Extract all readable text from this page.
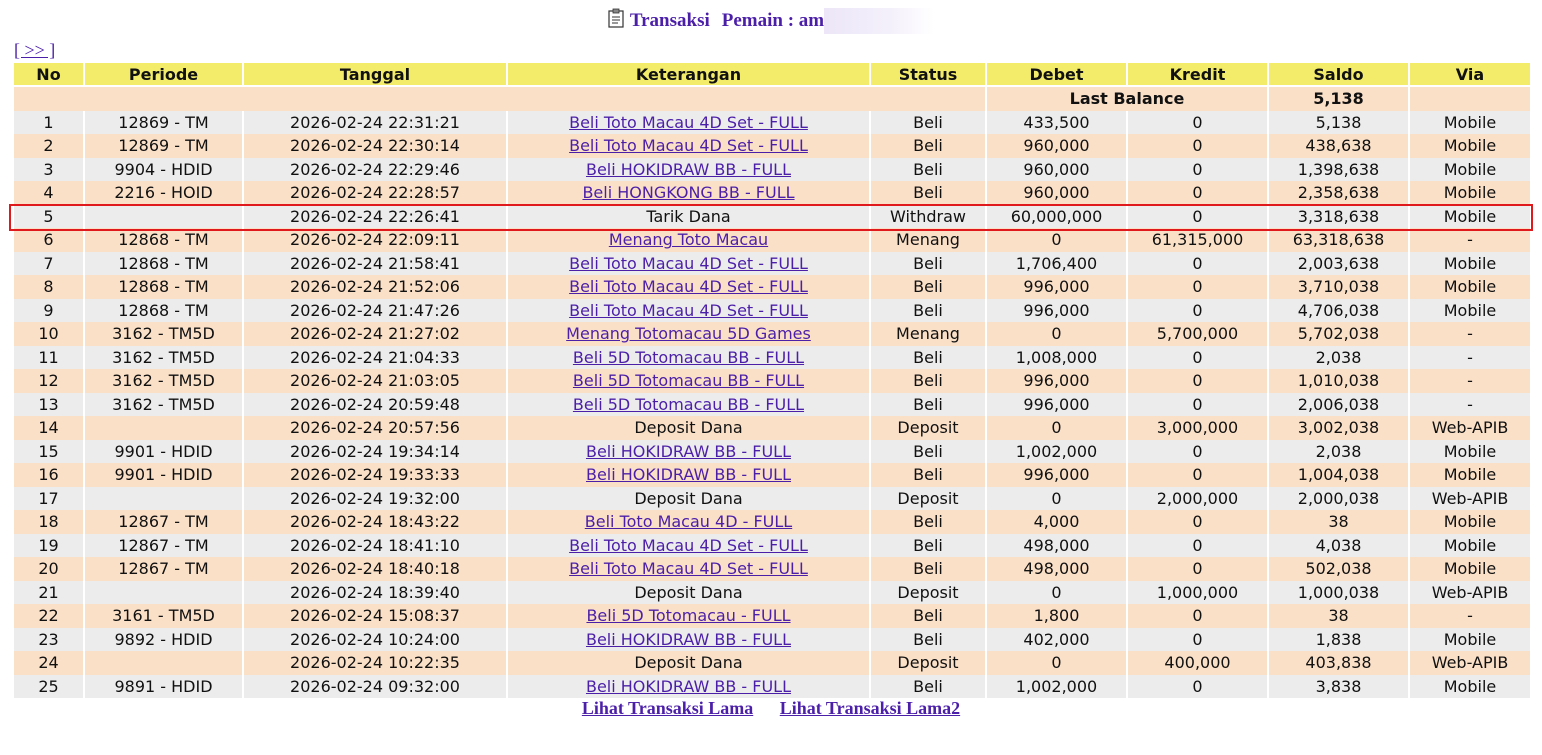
Transaksi Pemain : am
[ >> ]
No	Periode	Tanggal	Keterangan	Status	Debet	Kredit	Saldo	Via
					Last Balance		5,138	
1	12869 - TM	2026-02-24 22:31:21	Beli Toto Macau 4D Set - FULL	Beli	433,500	0	5,138	Mobile
2	12869 - TM	2026-02-24 22:30:14	Beli Toto Macau 4D Set - FULL	Beli	960,000	0	438,638	Mobile
3	9904 - HDID	2026-02-24 22:29:46	Beli HOKIDRAW BB - FULL	Beli	960,000	0	1,398,638	Mobile
4	2216 - HOID	2026-02-24 22:28:57	Beli HONGKONG BB - FULL	Beli	960,000	0	2,358,638	Mobile
5		2026-02-24 22:26:41	Tarik Dana	Withdraw	60,000,000	0	3,318,638	Mobile
6	12868 - TM	2026-02-24 22:09:11	Menang Toto Macau	Menang	0	61,315,000	63,318,638	-
7	12868 - TM	2026-02-24 21:58:41	Beli Toto Macau 4D Set - FULL	Beli	1,706,400	0	2,003,638	Mobile
8	12868 - TM	2026-02-24 21:52:06	Beli Toto Macau 4D Set - FULL	Beli	996,000	0	3,710,038	Mobile
9	12868 - TM	2026-02-24 21:47:26	Beli Toto Macau 4D Set - FULL	Beli	996,000	0	4,706,038	Mobile
10	3162 - TM5D	2026-02-24 21:27:02	Menang Totomacau 5D Games	Menang	0	5,700,000	5,702,038	-
11	3162 - TM5D	2026-02-24 21:04:33	Beli 5D Totomacau BB - FULL	Beli	1,008,000	0	2,038	-
12	3162 - TM5D	2026-02-24 21:03:05	Beli 5D Totomacau BB - FULL	Beli	996,000	0	1,010,038	-
13	3162 - TM5D	2026-02-24 20:59:48	Beli 5D Totomacau BB - FULL	Beli	996,000	0	2,006,038	-
14		2026-02-24 20:57:56	Deposit Dana	Deposit	0	3,000,000	3,002,038	Web-APIB
15	9901 - HDID	2026-02-24 19:34:14	Beli HOKIDRAW BB - FULL	Beli	1,002,000	0	2,038	Mobile
16	9901 - HDID	2026-02-24 19:33:33	Beli HOKIDRAW BB - FULL	Beli	996,000	0	1,004,038	Mobile
17		2026-02-24 19:32:00	Deposit Dana	Deposit	0	2,000,000	2,000,038	Web-APIB
18	12867 - TM	2026-02-24 18:43:22	Beli Toto Macau 4D - FULL	Beli	4,000	0	38	Mobile
19	12867 - TM	2026-02-24 18:41:10	Beli Toto Macau 4D Set - FULL	Beli	498,000	0	4,038	Mobile
20	12867 - TM	2026-02-24 18:40:18	Beli Toto Macau 4D Set - FULL	Beli	498,000	0	502,038	Mobile
21		2026-02-24 18:39:40	Deposit Dana	Deposit	0	1,000,000	1,000,038	Web-APIB
22	3161 - TM5D	2026-02-24 15:08:37	Beli 5D Totomacau - FULL	Beli	1,800	0	38	-
23	9892 - HDID	2026-02-24 10:24:00	Beli HOKIDRAW BB - FULL	Beli	402,000	0	1,838	Mobile
24		2026-02-24 10:22:35	Deposit Dana	Deposit	0	400,000	403,838	Web-APIB
25	9891 - HDID	2026-02-24 09:32:00	Beli HOKIDRAW BB - FULL	Beli	1,002,000	0	3,838	Mobile
Lihat Transaksi Lama Lihat Transaksi Lama2
